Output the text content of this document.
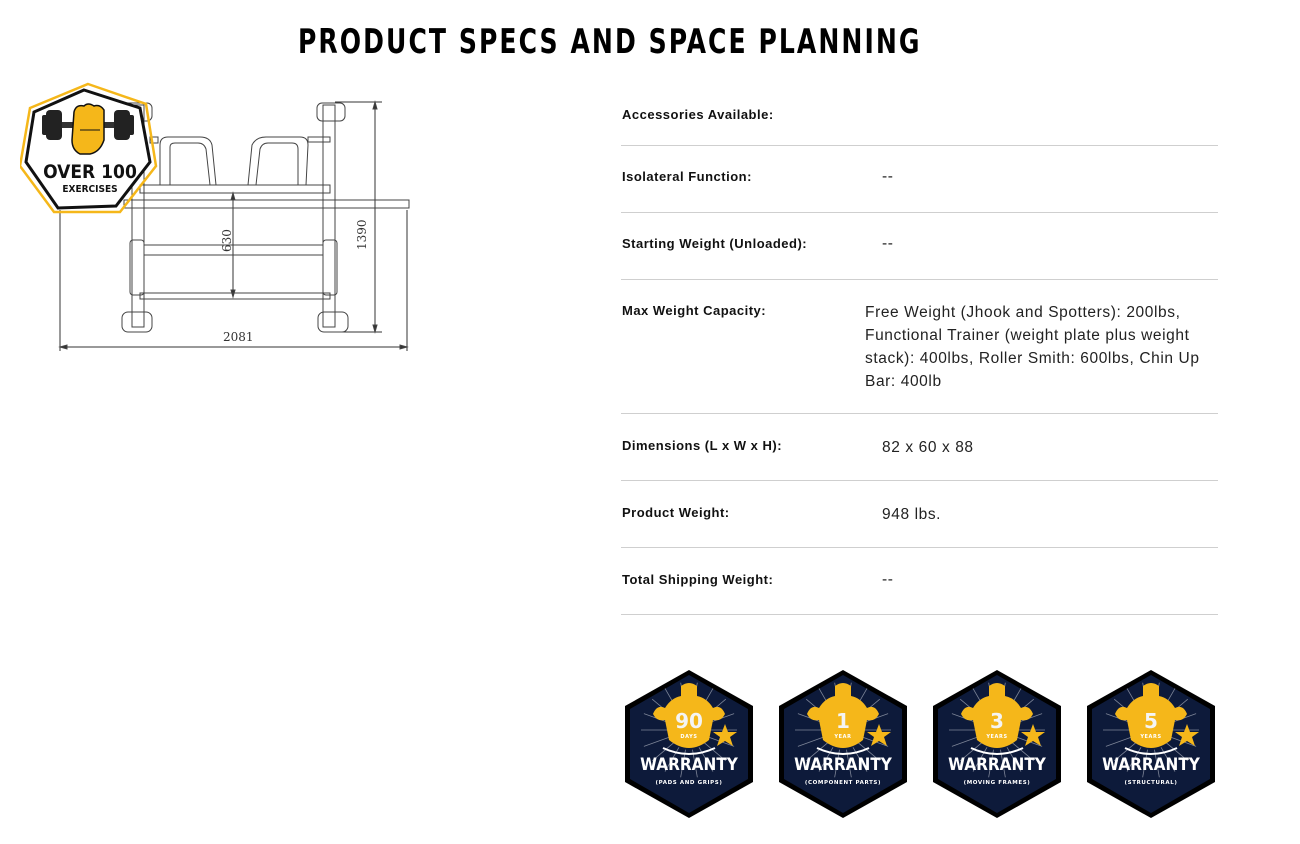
PRODUCT SPECS AND SPACE PLANNING
2081
1390
630
OVER 100
EXERCISES
Accessories Available:
Isolateral Function:	--
Starting Weight (Unloaded):	--
Max Weight Capacity:	Free Weight (Jhook and Spotters): 200lbs, Functional Trainer (weight plate plus weight stack): 400lbs, Roller Smith: 600lbs, Chin Up Bar: 400lb
Dimensions (L x W x H):	82 x 60 x 88
Product Weight:	948 lbs.
Total Shipping Weight:	--
90
DAYS
WARRANTY
(PADS AND GRIPS)
1
YEAR
WARRANTY
(COMPONENT PARTS)
3
YEARS
WARRANTY
(MOVING FRAMES)
5
YEARS
WARRANTY
(STRUCTURAL)
